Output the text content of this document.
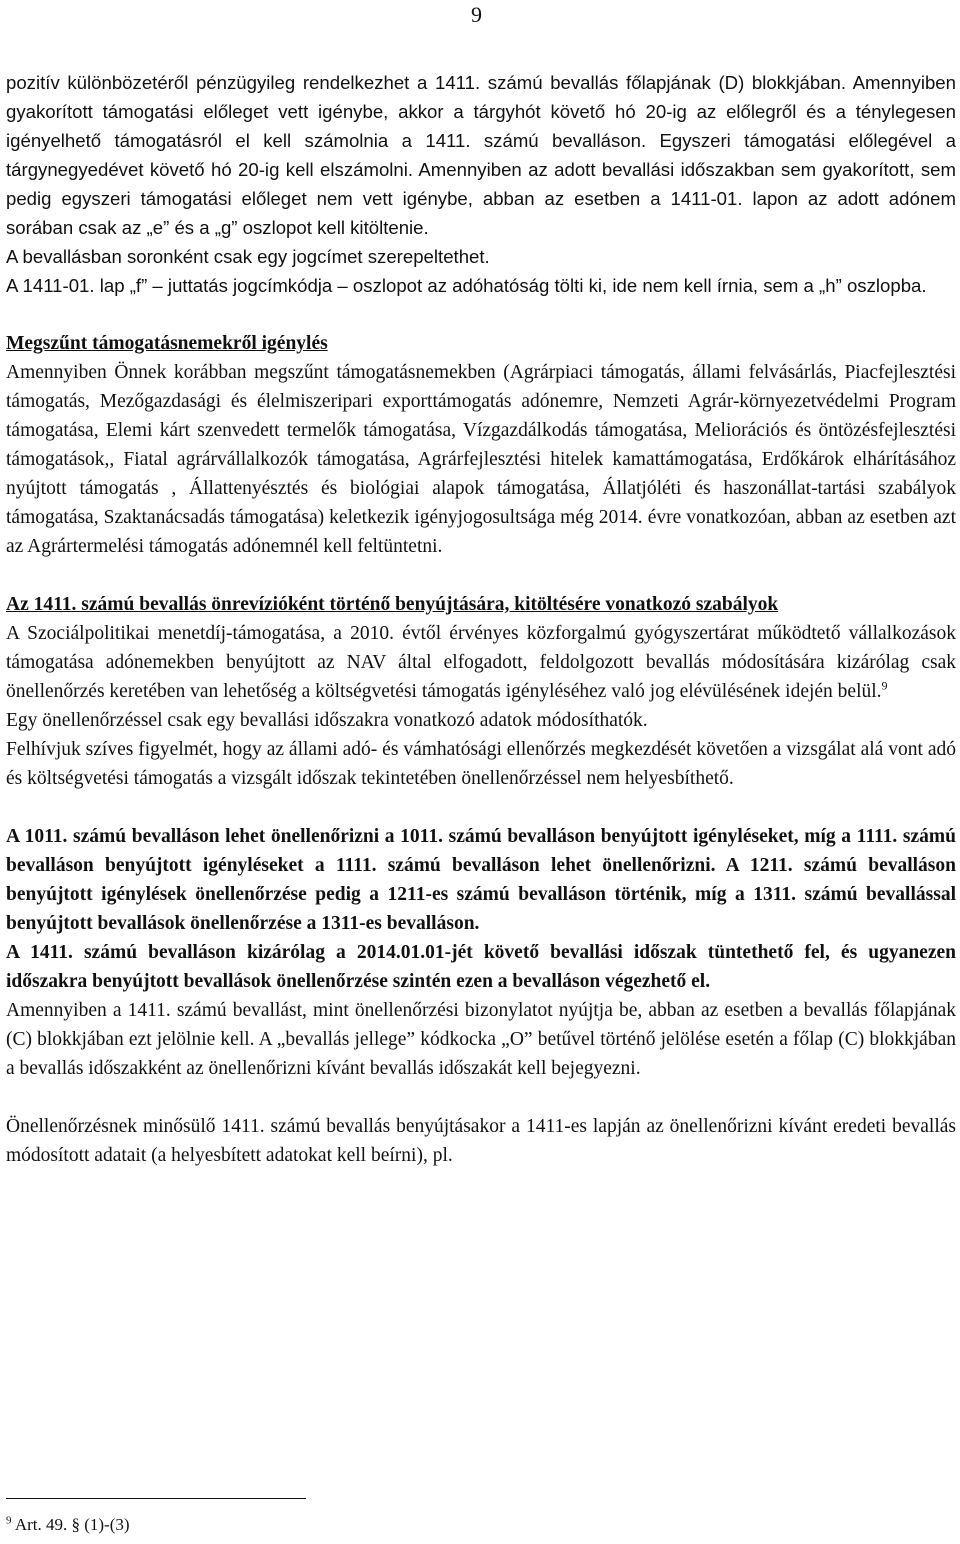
9

pozitív különbözetéről pénzügyileg rendelkezhet a 1411. számú bevallás főlapjának (D) blokkjában. Amennyiben gyakorított támogatási előleget vett igénybe, akkor a tárgyhót követő hó 20-ig az előlegről és a ténylegesen igényelhető támogatásról el kell számolnia a 1411. számú bevalláson. Egyszeri támogatási előlegével a tárgynegyedévet követő hó 20-ig kell elszámolni. Amennyiben az adott bevallási időszakban sem gyakorított, sem pedig egyszeri támogatási előleget nem vett igénybe, abban az esetben a 1411-01. lapon az adott adónem sorában csak az „e” és a „g” oszlopot kell kitöltenie.

A bevallásban soronként csak egy jogcímet szerepeltethet.

A 1411-01. lap „f” – juttatás jogcímkódja – oszlopot az adóhatóság tölti ki, ide nem kell írnia, sem a „h” oszlopba.

Megszűnt támogatásnemekről igénylés

Amennyiben Önnek korábban megszűnt támogatásnemekben (Agrárpiaci támogatás, állami felvásárlás, Piacfejlesztési támogatás, Mezőgazdasági és élelmiszeripari exporttámogatás adónemre, Nemzeti Agrár-környezetvédelmi Program támogatása, Elemi kárt szenvedett termelők támogatása, Vízgazdálkodás támogatása, Meliorációs és öntözésfejlesztési támogatások,, Fiatal agrárvállalkozók támogatása, Agrárfejlesztési hitelek kamattámogatása, Erdőkárok elhárításához nyújtott támogatás , Állattenyésztés és biológiai alapok támogatása, Állatjóléti és haszonállat-tartási szabályok támogatása, Szaktanácsadás támogatása) keletkezik igényjogosultsága még 2014. évre vonatkozóan, abban az esetben azt az Agrártermelési támogatás adónemnél kell feltüntetni.

Az 1411. számú bevallás önrevízióként történő benyújtására, kitöltésére vonatkozó szabályok

A Szociálpolitikai menetdíj-támogatása, a 2010. évtől érvényes közforgalmú gyógyszertárat működtető vállalkozások támogatása adónemekben benyújtott az NAV által elfogadott, feldolgozott bevallás módosítására kizárólag csak önellenőrzés keretében van lehetőség a költségvetési támogatás igényléséhez való jog elévülésének idején belül.$^9$

Egy önellenőrzéssel csak egy bevallási időszakra vonatkozó adatok módosíthatók.

Felhívjuk szíves figyelmét, hogy az állami adó- és vámhatósági ellenőrzés megkezdését követően a vizsgálat alá vont adó és költségvetési támogatás a vizsgált időszak tekintetében önellenőrzéssel nem helyesbíthető.

A 1011. számú bevalláson lehet önellenőrizni a 1011. számú bevalláson benyújtott igényléseket, míg a 1111. számú bevalláson benyújtott igényléseket a 1111. számú bevalláson lehet önellenőrizni. A 1211. számú bevalláson benyújtott igénylések önellenőrzése pedig a 1211-es számú bevalláson történik, míg a 1311. számú bevallással benyújtott bevallások önellenőrzése a 1311-es bevalláson.

A 1411. számú bevalláson kizárólag a 2014.01.01-jét követő bevallási időszak tüntethető fel, és ugyanezen időszakra benyújtott bevallások önellenőrzése szintén ezen a bevalláson végezhető el.

Amennyiben a 1411. számú bevallást, mint önellenőrzési bizonylatot nyújtja be, abban az esetben a bevallás főlapjának (C) blokkjában ezt jelölnie kell. A „bevallás jellege” kódkocka „O” betűvel történő jelölése esetén a főlap (C) blokkjában a bevallás időszakként az önellenőrizni kívánt bevallás időszakát kell bejegyezni.

Önellenőrzésnek minősülő 1411. számú bevallás benyújtásakor a 1411-es lapján az önellenőrizni kívánt eredeti bevallás módosított adatait (a helyesbített adatokat kell beírni), pl.

$^9$ Art. 49. § (1)-(3)
